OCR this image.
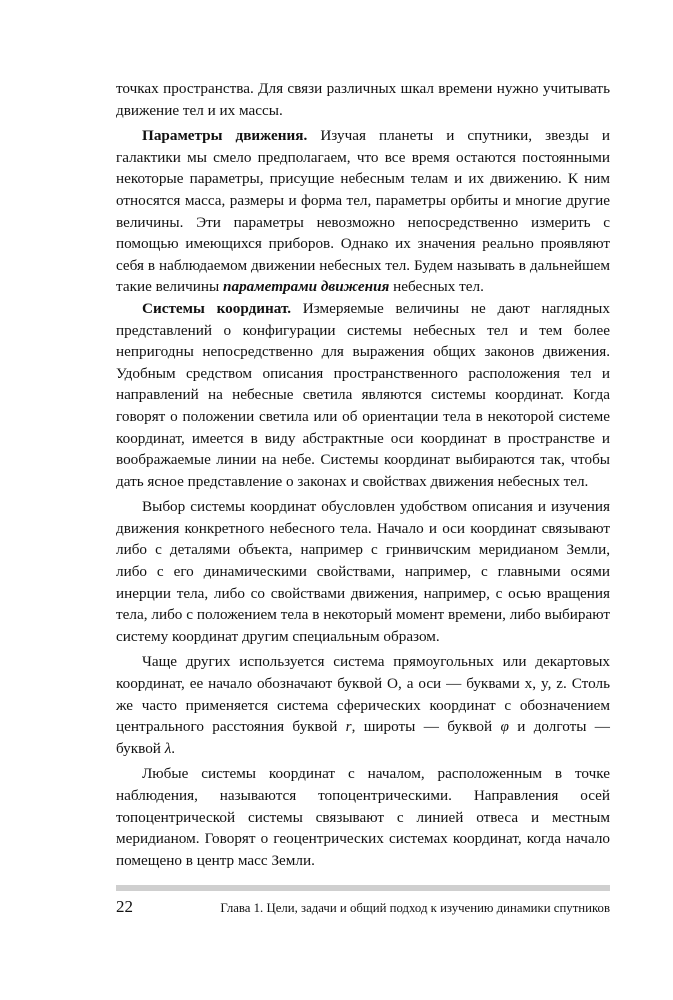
точках пространства. Для связи различных шкал времени нужно учитывать движение тел и их массы.

Параметры движения. Изучая планеты и спутники, звезды и галактики мы смело предполагаем, что все время остаются постоянными некоторые параметры, присущие небесным телам и их движению. К ним относятся масса, размеры и форма тел, параметры орбиты и многие другие величины. Эти параметры невозможно непосредственно измерить с помощью имеющихся приборов. Однако их значения реально проявляют себя в наблюдаемом движении небесных тел. Будем называть в дальнейшем такие величины параметрами движения небесных тел.

Системы координат. Измеряемые величины не дают наглядных представлений о конфигурации системы небесных тел и тем более непригодны непосредственно для выражения общих законов движения. Удобным средством описания пространственного расположения тел и направлений на небесные светила являются системы координат. Когда говорят о положении светила или об ориентации тела в некоторой системе координат, имеется в виду абстрактные оси координат в пространстве и воображаемые линии на небе. Системы координат выбираются так, чтобы дать ясное представление о законах и свойствах движения небесных тел.

Выбор системы координат обусловлен удобством описания и изучения движения конкретного небесного тела. Начало и оси координат связывают либо с деталями объекта, например с гринвичским меридианом Земли, либо с его динамическими свойствами, например, с главными осями инерции тела, либо со свойствами движения, например, с осью вращения тела, либо с положением тела в некоторый момент времени, либо выбирают систему координат другим специальным образом.

Чаще других используется система прямоугольных или декартовых координат, ее начало обозначают буквой O, а оси — буквами x, y, z. Столь же часто применяется система сферических координат с обозначением центрального расстояния буквой r, широты — буквой φ и долготы — буквой λ.

Любые системы координат с началом, расположенным в точке наблюдения, называются топоцентрическими. Направления осей топоцентрической системы связывают с линией отвеса и местным меридианом. Говорят о геоцентрических системах координат, когда начало помещено в центр масс Земли.

22	Глава 1. Цели, задачи и общий подход к изучению динамики спутников
